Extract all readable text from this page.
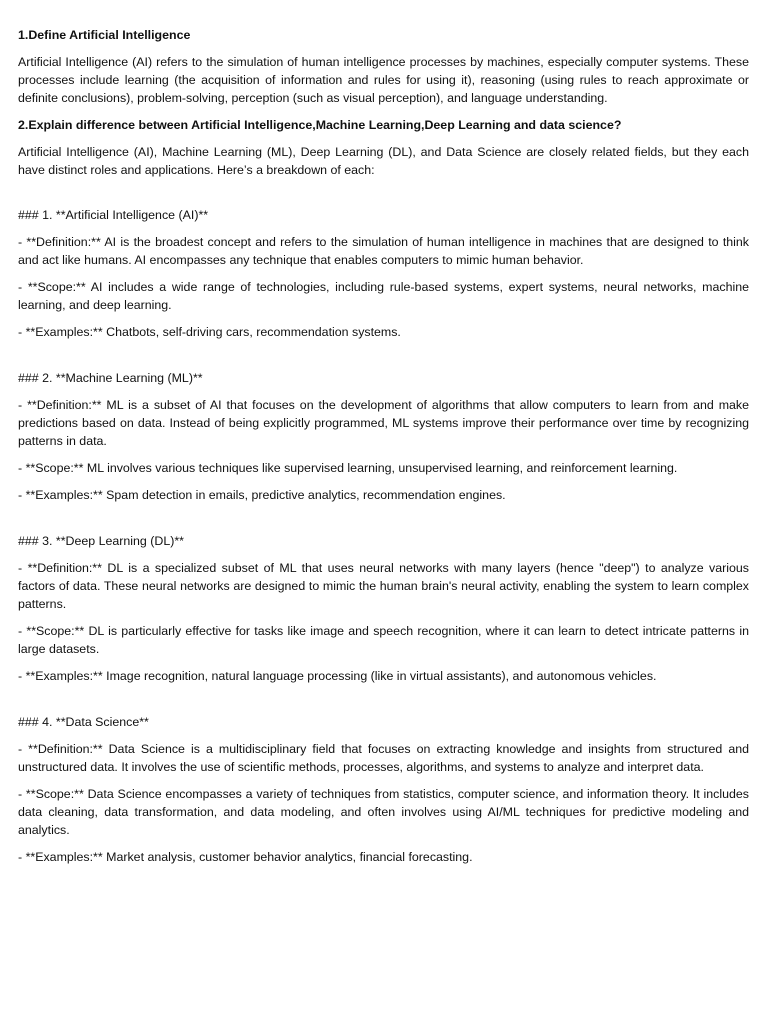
1.Define Artificial Intelligence

Artificial Intelligence (AI) refers to the simulation of human intelligence processes by machines, especially computer systems. These processes include learning (the acquisition of information and rules for using it), reasoning (using rules to reach approximate or definite conclusions), problem-solving, perception (such as visual perception), and language understanding.

2.Explain difference between Artificial Intelligence,Machine Learning,Deep Learning and data science?

Artificial Intelligence (AI), Machine Learning (ML), Deep Learning (DL), and Data Science are closely related fields, but they each have distinct roles and applications. Here’s a breakdown of each:

### 1. **Artificial Intelligence (AI)**

- **Definition:** AI is the broadest concept and refers to the simulation of human intelligence in machines that are designed to think and act like humans. AI encompasses any technique that enables computers to mimic human behavior.

- **Scope:** AI includes a wide range of technologies, including rule-based systems, expert systems, neural networks, machine learning, and deep learning.

- **Examples:** Chatbots, self-driving cars, recommendation systems.

### 2. **Machine Learning (ML)**

- **Definition:** ML is a subset of AI that focuses on the development of algorithms that allow computers to learn from and make predictions based on data. Instead of being explicitly programmed, ML systems improve their performance over time by recognizing patterns in data.

- **Scope:** ML involves various techniques like supervised learning, unsupervised learning, and reinforcement learning.

- **Examples:** Spam detection in emails, predictive analytics, recommendation engines.

### 3. **Deep Learning (DL)**

- **Definition:** DL is a specialized subset of ML that uses neural networks with many layers (hence "deep") to analyze various factors of data. These neural networks are designed to mimic the human brain's neural activity, enabling the system to learn complex patterns.

- **Scope:** DL is particularly effective for tasks like image and speech recognition, where it can learn to detect intricate patterns in large datasets.

- **Examples:** Image recognition, natural language processing (like in virtual assistants), and autonomous vehicles.

### 4. **Data Science**

- **Definition:** Data Science is a multidisciplinary field that focuses on extracting knowledge and insights from structured and unstructured data. It involves the use of scientific methods, processes, algorithms, and systems to analyze and interpret data.

- **Scope:** Data Science encompasses a variety of techniques from statistics, computer science, and information theory. It includes data cleaning, data transformation, and data modeling, and often involves using AI/ML techniques for predictive modeling and analytics.

- **Examples:** Market analysis, customer behavior analytics, financial forecasting.
